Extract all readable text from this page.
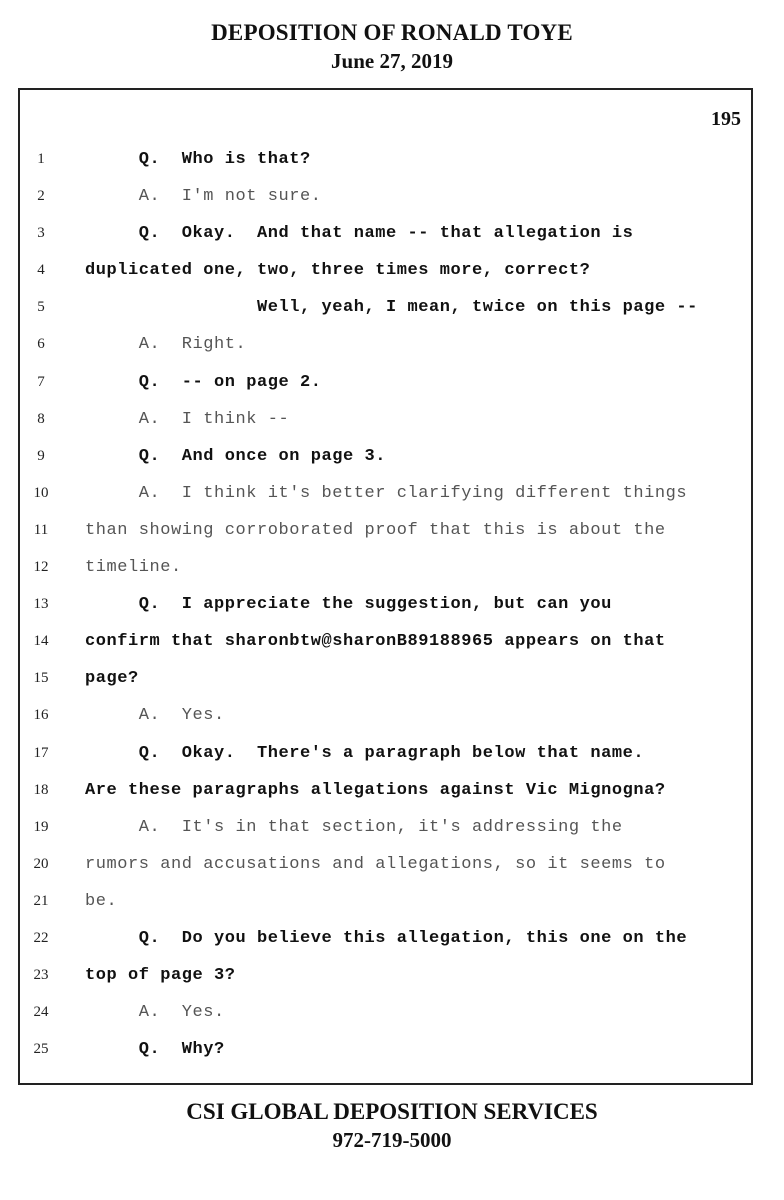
DEPOSITION OF RONALD TOYE
June 27, 2019
195
1	Q.  Who is that?
2	A.  I'm not sure.
3	Q.  Okay.  And that name -- that allegation is
4	duplicated one, two, three times more, correct?
5	Well, yeah, I mean, twice on this page --
6	A.  Right.
7	Q.  -- on page 2.
8	A.  I think --
9	Q.  And once on page 3.
10	A.  I think it's better clarifying different things
11	than showing corroborated proof that this is about the
12	timeline.
13	Q.  I appreciate the suggestion, but can you
14	confirm that sharonbtw@sharonB89188965 appears on that
15	page?
16	A.  Yes.
17	Q.  Okay.  There's a paragraph below that name.
18	Are these paragraphs allegations against Vic Mignogna?
19	A.  It's in that section, it's addressing the
20	rumors and accusations and allegations, so it seems to
21	be.
22	Q.  Do you believe this allegation, this one on the
23	top of page 3?
24	A.  Yes.
25	Q.  Why?
CSI GLOBAL DEPOSITION SERVICES
972-719-5000
